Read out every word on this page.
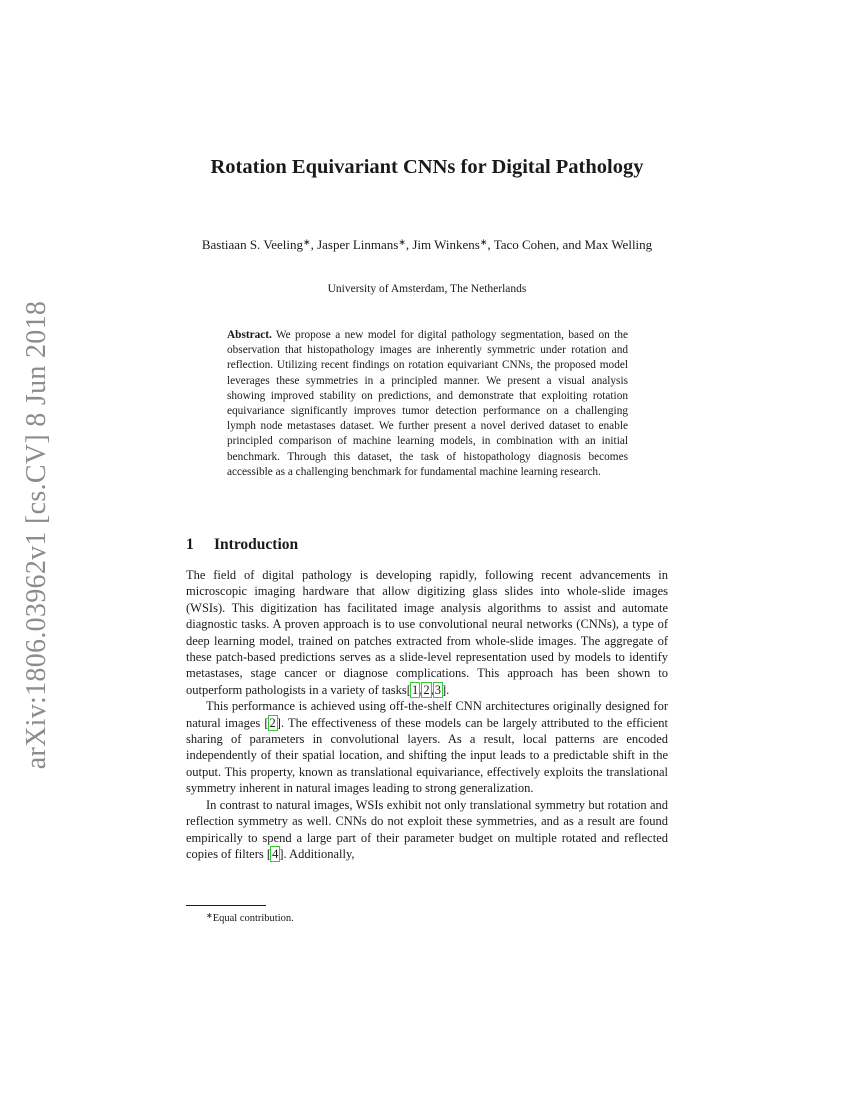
arXiv:1806.03962v1 [cs.CV] 8 Jun 2018
Rotation Equivariant CNNs for Digital Pathology
Bastiaan S. Veeling∗, Jasper Linmans∗, Jim Winkens∗, Taco Cohen, and Max Welling
University of Amsterdam, The Netherlands
Abstract. We propose a new model for digital pathology segmentation, based on the observation that histopathology images are inherently symmetric under rotation and reflection. Utilizing recent findings on rotation equivariant CNNs, the proposed model leverages these symmetries in a principled manner. We present a visual analysis showing improved stability on predictions, and demonstrate that exploiting rotation equivariance significantly improves tumor detection performance on a challenging lymph node metastases dataset. We further present a novel derived dataset to enable principled comparison of machine learning models, in combination with an initial benchmark. Through this dataset, the task of histopathology diagnosis becomes accessible as a challenging benchmark for fundamental machine learning research.
1 Introduction

The field of digital pathology is developing rapidly, following recent advancements in microscopic imaging hardware that allow digitizing glass slides into whole-slide images (WSIs). This digitization has facilitated image analysis algorithms to assist and automate diagnostic tasks. A proven approach is to use convolutional neural networks (CNNs), a type of deep learning model, trained on patches extracted from whole-slide images. The aggregate of these patch-based predictions serves as a slide-level representation used by models to identify metastases, stage cancer or diagnose complications. This approach has been shown to outperform pathologists in a variety of tasks[1,2,3].

This performance is achieved using off-the-shelf CNN architectures originally designed for natural images [2]. The effectiveness of these models can be largely attributed to the efficient sharing of parameters in convolutional layers. As a result, local patterns are encoded independently of their spatial location, and shifting the input leads to a predictable shift in the output. This property, known as translational equivariance, effectively exploits the translational symmetry inherent in natural images leading to strong generalization.

In contrast to natural images, WSIs exhibit not only translational symmetry but rotation and reflection symmetry as well. CNNs do not exploit these symmetries, and as a result are found empirically to spend a large part of their parameter budget on multiple rotated and reflected copies of filters [4]. Additionally,

∗Equal contribution.
